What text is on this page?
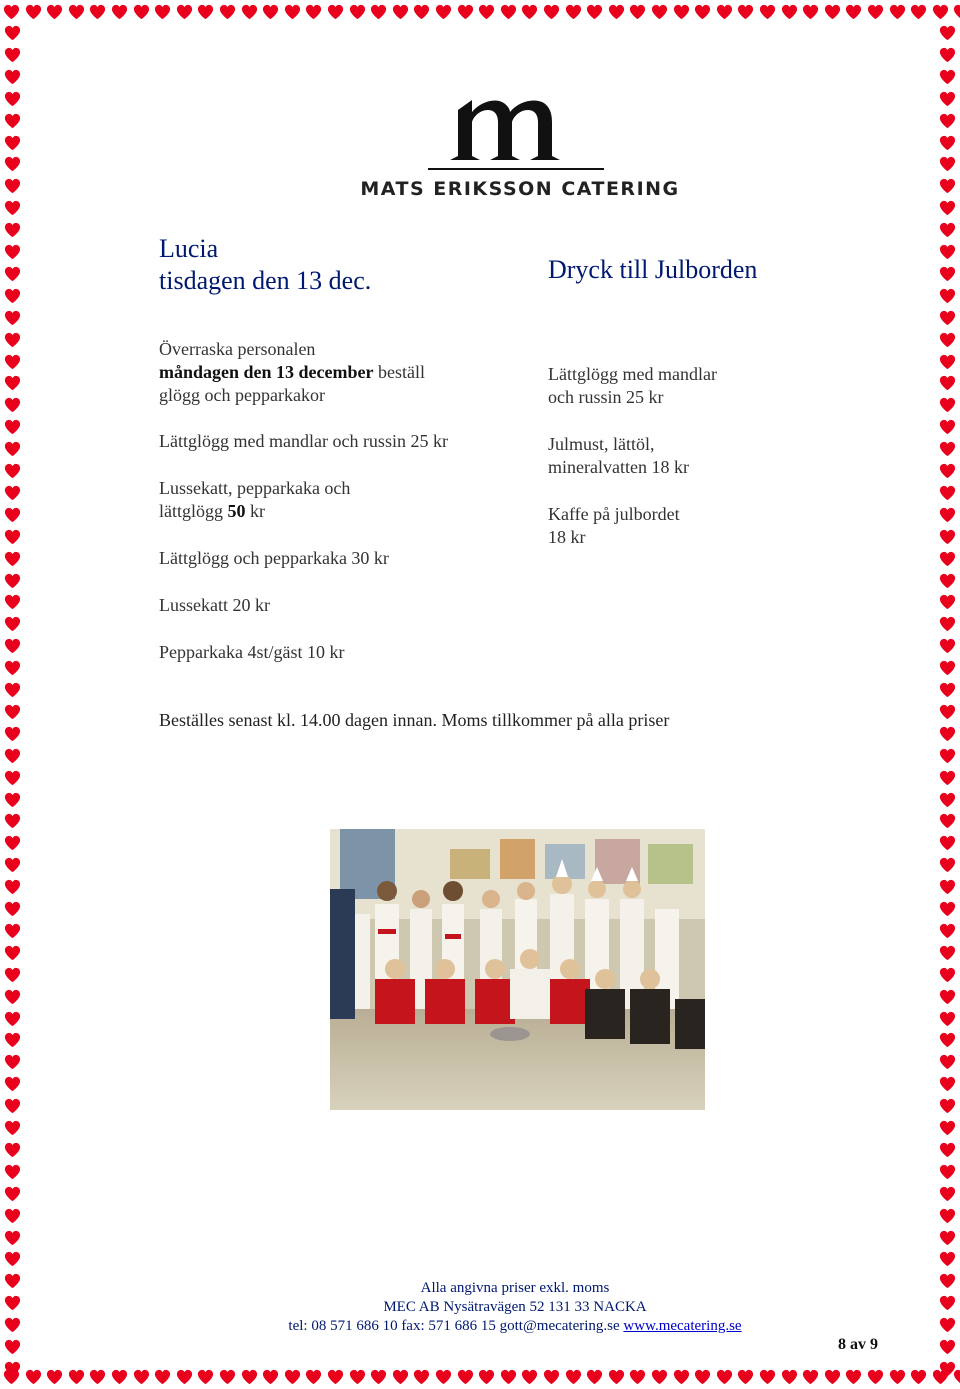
MATS ERIKSSON CATERING
Lucia
tisdagen den 13 dec.	Dryck till Julborden

Överraska personalen
måndagen den 13 december beställ
glögg och pepparkakor

Lättglögg med mandlar och russin 25 kr

Lussekatt, pepparkaka och
lättglögg 50 kr

Lättglögg och pepparkaka 30 kr

Lussekatt 20 kr

Pepparkaka 4st/gäst 10 kr

Lättglögg med mandlar
och russin 25 kr

Julmust, lättöl,
mineralvatten 18 kr

Kaffe på julbordet
18 kr

Beställes senast kl. 14.00 dagen innan. Moms tillkommer på alla priser
Alla angivna priser exkl. moms
MEC AB Nysätravägen 52 131 33 NACKA
tel: 08 571 686 10 fax: 571 686 15 gott@mecatering.se www.mecatering.se
8 av 9
